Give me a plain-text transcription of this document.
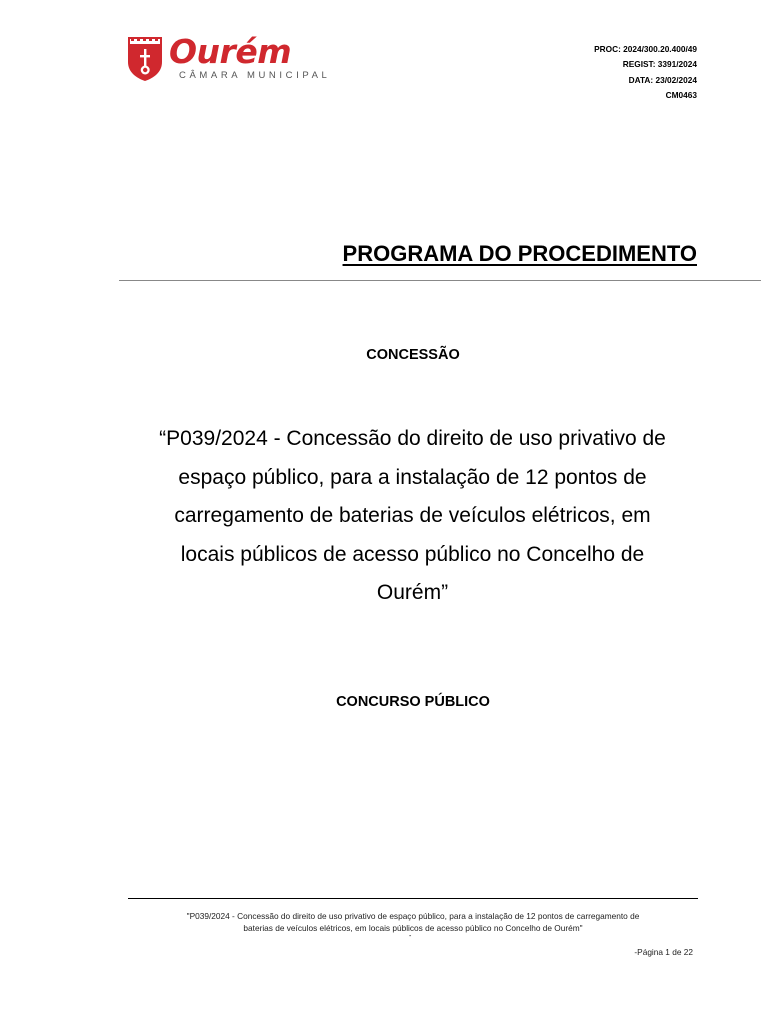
Ourém
CÂMARA MUNICIPAL
PROC: 2024/300.20.400/49
REGIST: 3391/2024
DATA: 23/02/2024
CM0463
PROGRAMA DO PROCEDIMENTO
CONCESSÃO
“P039/2024 - Concessão do direito de uso privativo de
espaço público, para a instalação de 12 pontos de
carregamento de baterias de veículos elétricos, em
locais públicos de acesso público no Concelho de
Ourém”
CONCURSO PÚBLICO
"P039/2024 - Concessão do direito de uso privativo de espaço público, para a instalação de 12 pontos de carregamento de
baterias de veículos elétricos, em locais públicos de acesso público no Concelho de Ourém"
-
-Página 1 de 22
